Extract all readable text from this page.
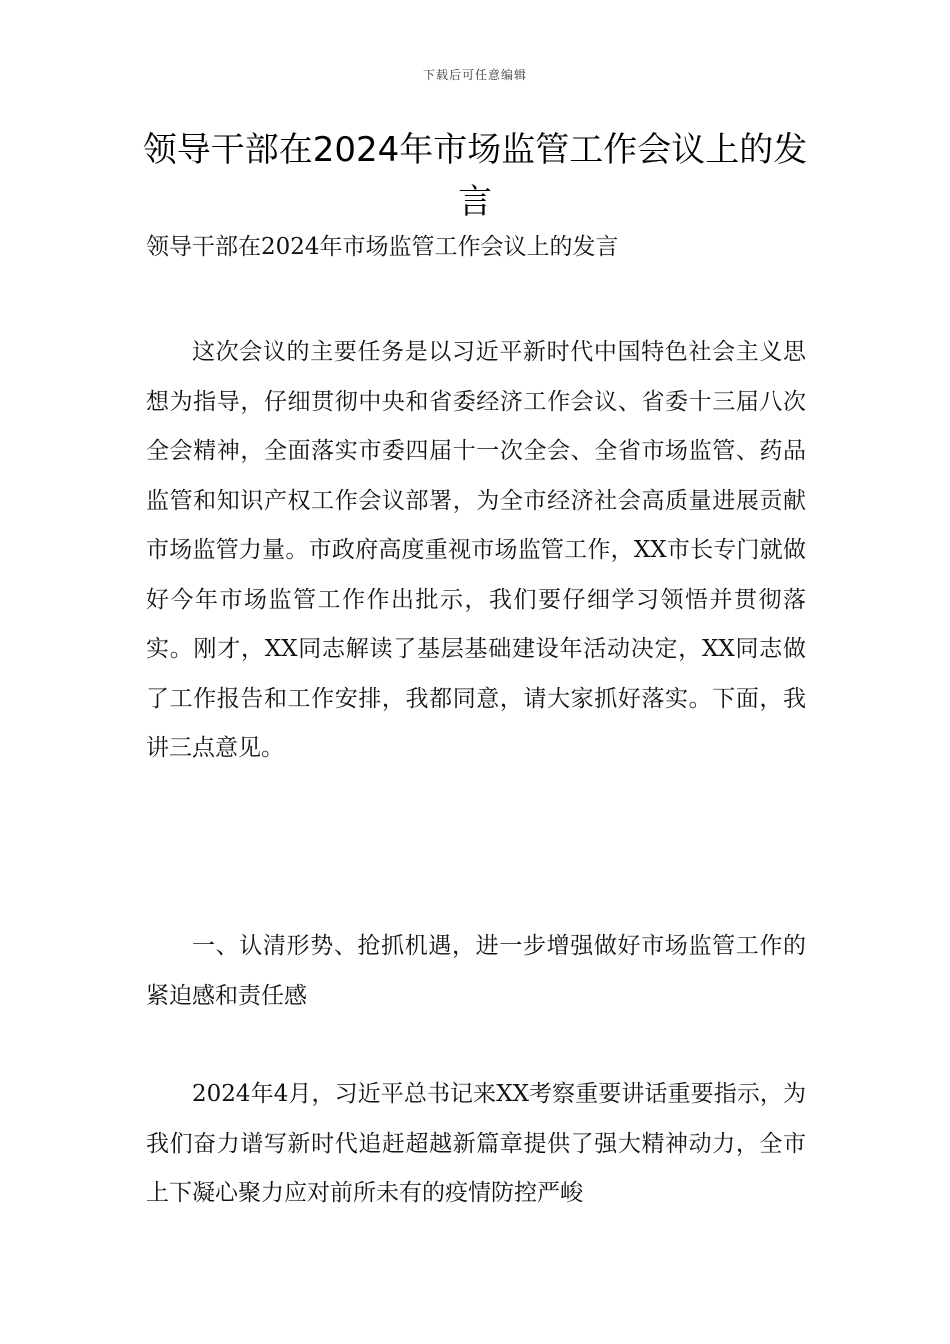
下载后可任意编辑
领导干部在2024年市场监管工作会议上的发言
领导干部在2024年市场监管工作会议上的发言

这次会议的主要任务是以习近平新时代中国特色社会主义思想为指导，仔细贯彻中央和省委经济工作会议、省委十三届八次全会精神，全面落实市委四届十一次全会、全省市场监管、药品监管和知识产权工作会议部署，为全市经济社会高质量进展贡献市场监管力量。市政府高度重视市场监管工作，XX市长专门就做好今年市场监管工作作出批示，我们要仔细学习领悟并贯彻落实。刚才，XX同志解读了基层基础建设年活动决定，XX同志做了工作报告和工作安排，我都同意，请大家抓好落实。下面，我讲三点意见。

一、认清形势、抢抓机遇，进一步增强做好市场监管工作的紧迫感和责任感

2024年4月，习近平总书记来XX考察重要讲话重要指示，为我们奋力谱写新时代追赶超越新篇章提供了强大精神动力，全市上下凝心聚力应对前所未有的疫情防控严峻
